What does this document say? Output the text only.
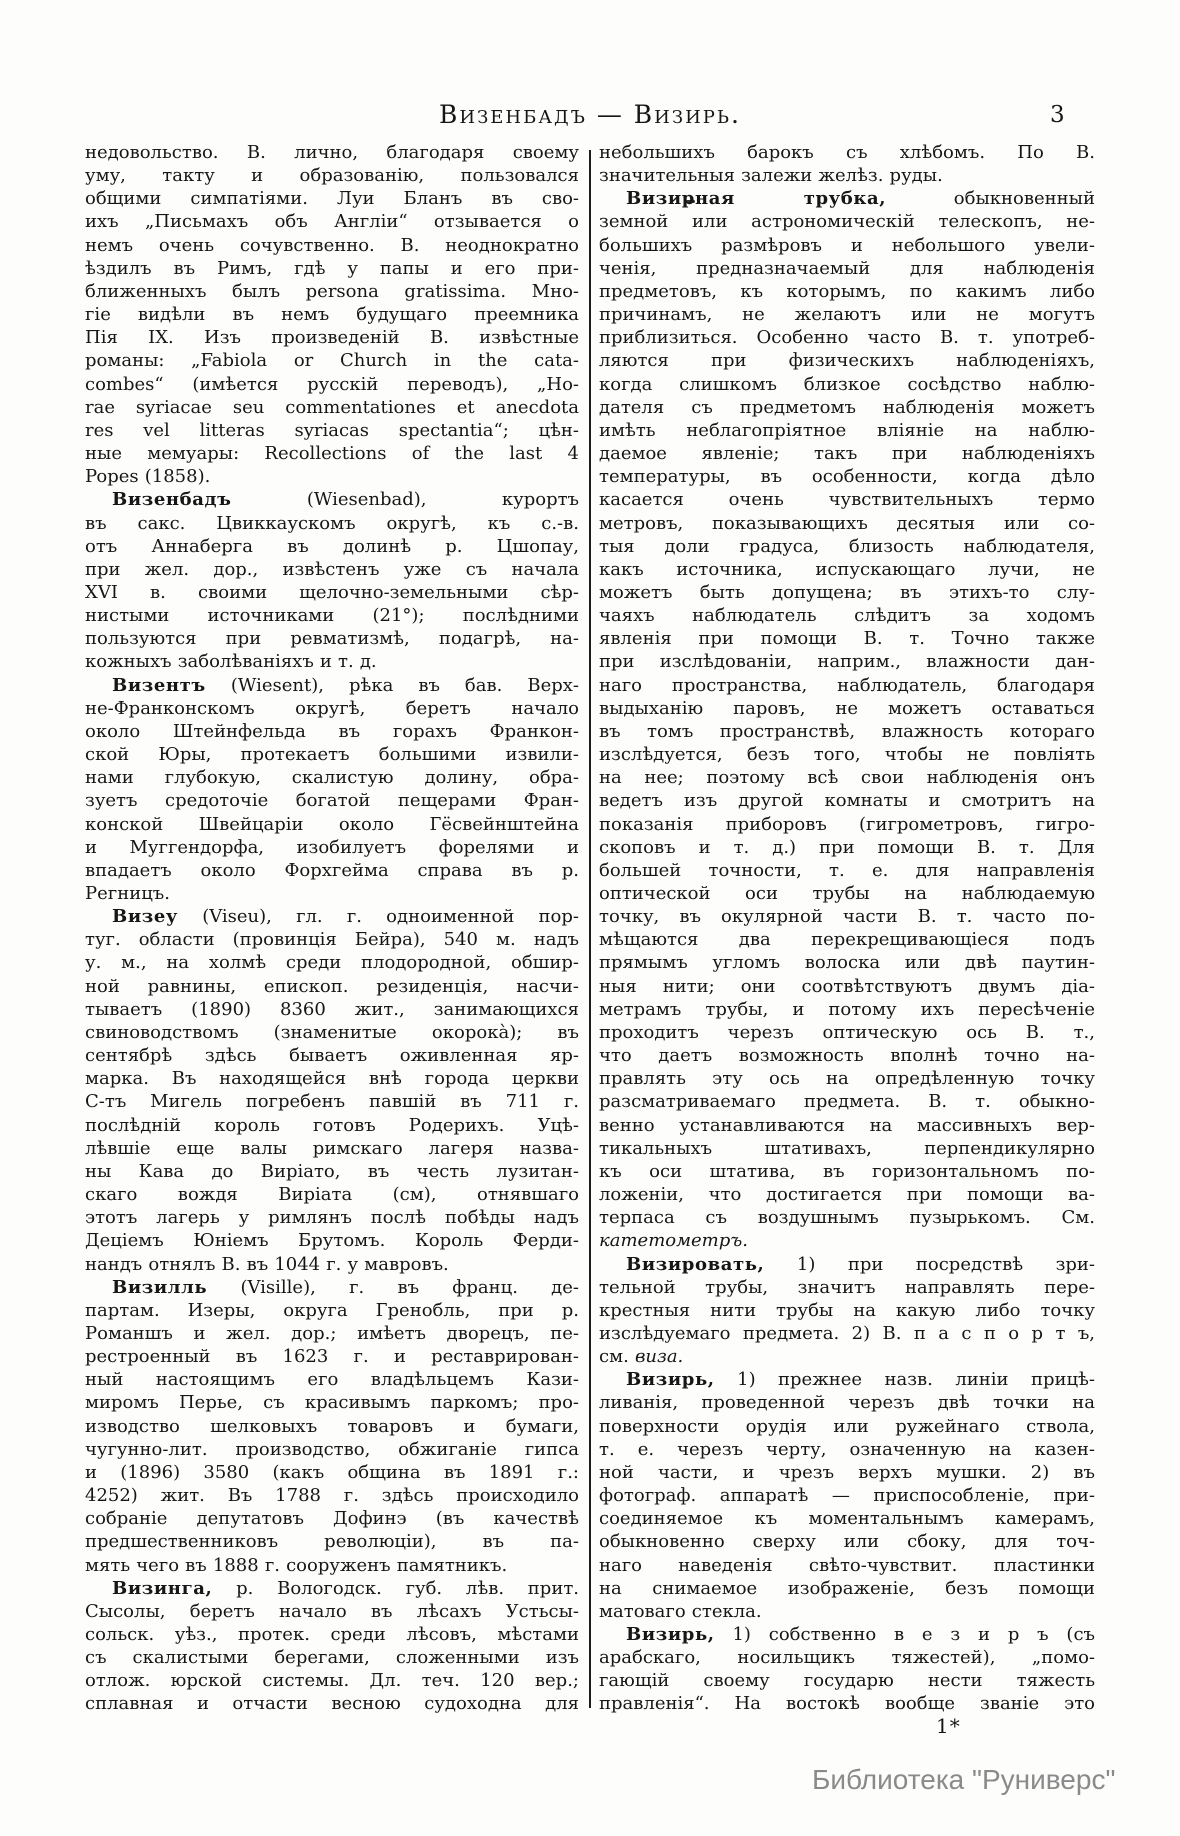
Визенбадъ — Визирь.	3
недовольство. В. лично, благодаря своему
уму, такту и образованію, пользовался
общими симпатіями. Луи Бланъ въ сво-
ихъ „Письмахъ объ Англіи“ отзывается о
немъ очень сочувственно. В. неоднократно
ѣздилъ въ Римъ, гдѣ у папы и его при-
ближенныхъ былъ persona gratissima. Мно-
гіе видѣли въ немъ будущаго преемника
Пія IX. Изъ произведеній В. извѣстные
романы: „Fabiola or Church in the cata-
combes“ (имѣется русскій переводъ), „Ho-
rae syriacae seu commentationes et anecdota
res vel litteras syriacas spectantia“; цѣн-
ные мемуары: Recollections of the last 4
Popes (1858).
Визенбадъ (Wiesenbad), курортъ
въ сакс. Цвиккаускомъ округѣ, къ с.-в.
отъ Аннаберга въ долинѣ р. Цшопау,
при жел. дор., извѣстенъ уже съ начала
XVI в. своими щелочно-земельными сѣр-
нистыми источниками (21°); послѣдними
пользуются при ревматизмѣ, подагрѣ, на-
кожныхъ заболѣваніяхъ и т. д.
Визентъ (Wiesent), рѣка въ бав. Верх-
не-Франконскомъ округѣ, беретъ начало
около Штейнфельда въ горахъ Франкон-
ской Юры, протекаетъ большими извили-
нами глубокую, скалистую долину, обра-
зуетъ средоточіе богатой пещерами Фран-
конской Швейцаріи около Гёсвейнштейна
и Муггендорфа, изобилуетъ форелями и
впадаетъ около Форхгейма справа въ р.
Регницъ.
Визеу (Viseu), гл. г. одноименной пор-
туг. области (провинція Бейра), 540 м. надъ
у. м., на холмѣ среди плодородной, обшир-
ной равнины, епископ. резиденція, насчи-
тываетъ (1890) 8360 жит., занимающихся
свиноводствомъ (знаменитые окорокà); въ
сентябрѣ здѣсь бываетъ оживленная яр-
марка. Въ находящейся внѣ города церкви
С-тъ Мигель погребенъ павшій въ 711 г.
послѣдній король готовъ Родерихъ. Уцѣ-
лѣвшіе еще валы римскаго лагеря назва-
ны Кава до Виріато, въ честь лузитан-
скаго вождя Виріата (см), отнявшаго
этотъ лагерь у римлянъ послѣ побѣды надъ
Деціемъ Юніемъ Брутомъ. Король Ферди-
нандъ отнялъ В. въ 1044 г. у мавровъ.
Визилль (Visille), г. въ франц. де-
партам. Изеры, округа Гренобль, при р.
Романшъ и жел. дор.; имѣетъ дворецъ, пе-
рестроенный въ 1623 г. и реставрирован-
ный настоящимъ его владѣльцемъ Кази-
миромъ Перье, съ красивымъ паркомъ; про-
изводство шелковыхъ товаровъ и бумаги,
чугунно-лит. производство, обжиганіе гипса
и (1896) 3580 (какъ община въ 1891 г.:
4252) жит. Въ 1788 г. здѣсь происходило
собраніе депутатовъ Дофинэ (въ качествѣ
предшественниковъ революціи), въ па-
мять чего въ 1888 г. сооруженъ памятникъ.
Визинга, р. Вологодск. губ. лѣв. прит.
Сысолы, беретъ начало въ лѣсахъ Устьсы-
сольск. уѣз., протек. среди лѣсовъ, мѣстами
съ скалистыми берегами, сложенными изъ
отлож. юрской системы. Дл. теч. 120 вер.;
сплавная и отчасти весною судоходна для
небольшихъ барокъ съ хлѣбомъ. По В.
значительныя залежи желѣз. руды.
Визирная трубка, обыкновенный
земной или астрономическій телескопъ, не-
большихъ размѣровъ и небольшого увели-
ченія, предназначаемый для наблюденія
предметовъ, къ которымъ, по какимъ либо
причинамъ, не желаютъ или не могутъ
приблизиться. Особенно часто В. т. употреб-
ляются при физическихъ наблюденіяхъ,
когда слишкомъ близкое сосѣдство наблю-
дателя съ предметомъ наблюденія можетъ
имѣть неблагопріятное вліяніе на наблю-
даемое явленіе; такъ при наблюденіяхъ
температуры, въ особенности, когда дѣло
касается очень чувствительныхъ термо
метровъ, показывающихъ десятыя или со-
тыя доли градуса, близость наблюдателя,
какъ источника, испускающаго лучи, не
можетъ быть допущена; въ этихъ-то слу-
чаяхъ наблюдатель слѣдитъ за ходомъ
явленія при помощи В. т. Точно также
при изслѣдованіи, наприм., влажности дан-
наго пространства, наблюдатель, благодаря
выдыханію паровъ, не можетъ оставаться
въ томъ пространствѣ, влажность котораго
изслѣдуется, безъ того, чтобы не повліять
на нее; поэтому всѣ свои наблюденія онъ
ведетъ изъ другой комнаты и смотритъ на
показанія приборовъ (гигрометровъ, гигро-
скоповъ и т. д.) при помощи В. т. Для
большей точности, т. е. для направленія
оптической оси трубы на наблюдаемую
точку, въ окулярной части В. т. часто по-
мѣщаются два перекрещивающіеся подъ
прямымъ угломъ волоска или двѣ паутин-
ныя нити; они соотвѣтствуютъ двумъ діа-
метрамъ трубы, и потому ихъ пересѣченіе
проходитъ черезъ оптическую ось В. т.,
что даетъ возможность вполнѣ точно на-
правлять эту ось на опредѣленную точку
разсматриваемаго предмета. В. т. обыкно-
венно устанавливаются на массивныхъ вер-
тикальныхъ штативахъ, перпендикулярно
къ оси штатива, въ горизонтальномъ по-
ложеніи, что достигается при помощи ва-
терпаса съ воздушнымъ пузырькомъ. См.
катетометръ.
Визировать, 1) при посредствѣ зри-
тельной трубы, значитъ направлять пере-
крестныя нити трубы на какую либо точку
изслѣдуемаго предмета. 2) В. п а с п о р т ъ,
см. виза.
Визирь, 1) прежнее назв. линіи прицѣ-
ливанія, проведенной черезъ двѣ точки на
поверхности орудія или ружейнаго ствола,
т. е. черезъ черту, означенную на казен-
ной части, и чрезъ верхъ мушки. 2) въ
фотограф. аппаратѣ — приспособленіе, при-
соединяемое къ моментальнымъ камерамъ,
обыкновенно сверху или сбоку, для точ-
наго наведенія свѣто-чувствит. пластинки
на снимаемое изображеніе, безъ помощи
матоваго стекла.
Визирь, 1) собственно в е з и р ъ (съ
арабскаго, носильщикъ тяжестей), „помо-
гающій своему государю нести тяжесть
правленія“. На востокѣ вообще званіе это
1*
Библиотека "Руниверс"
